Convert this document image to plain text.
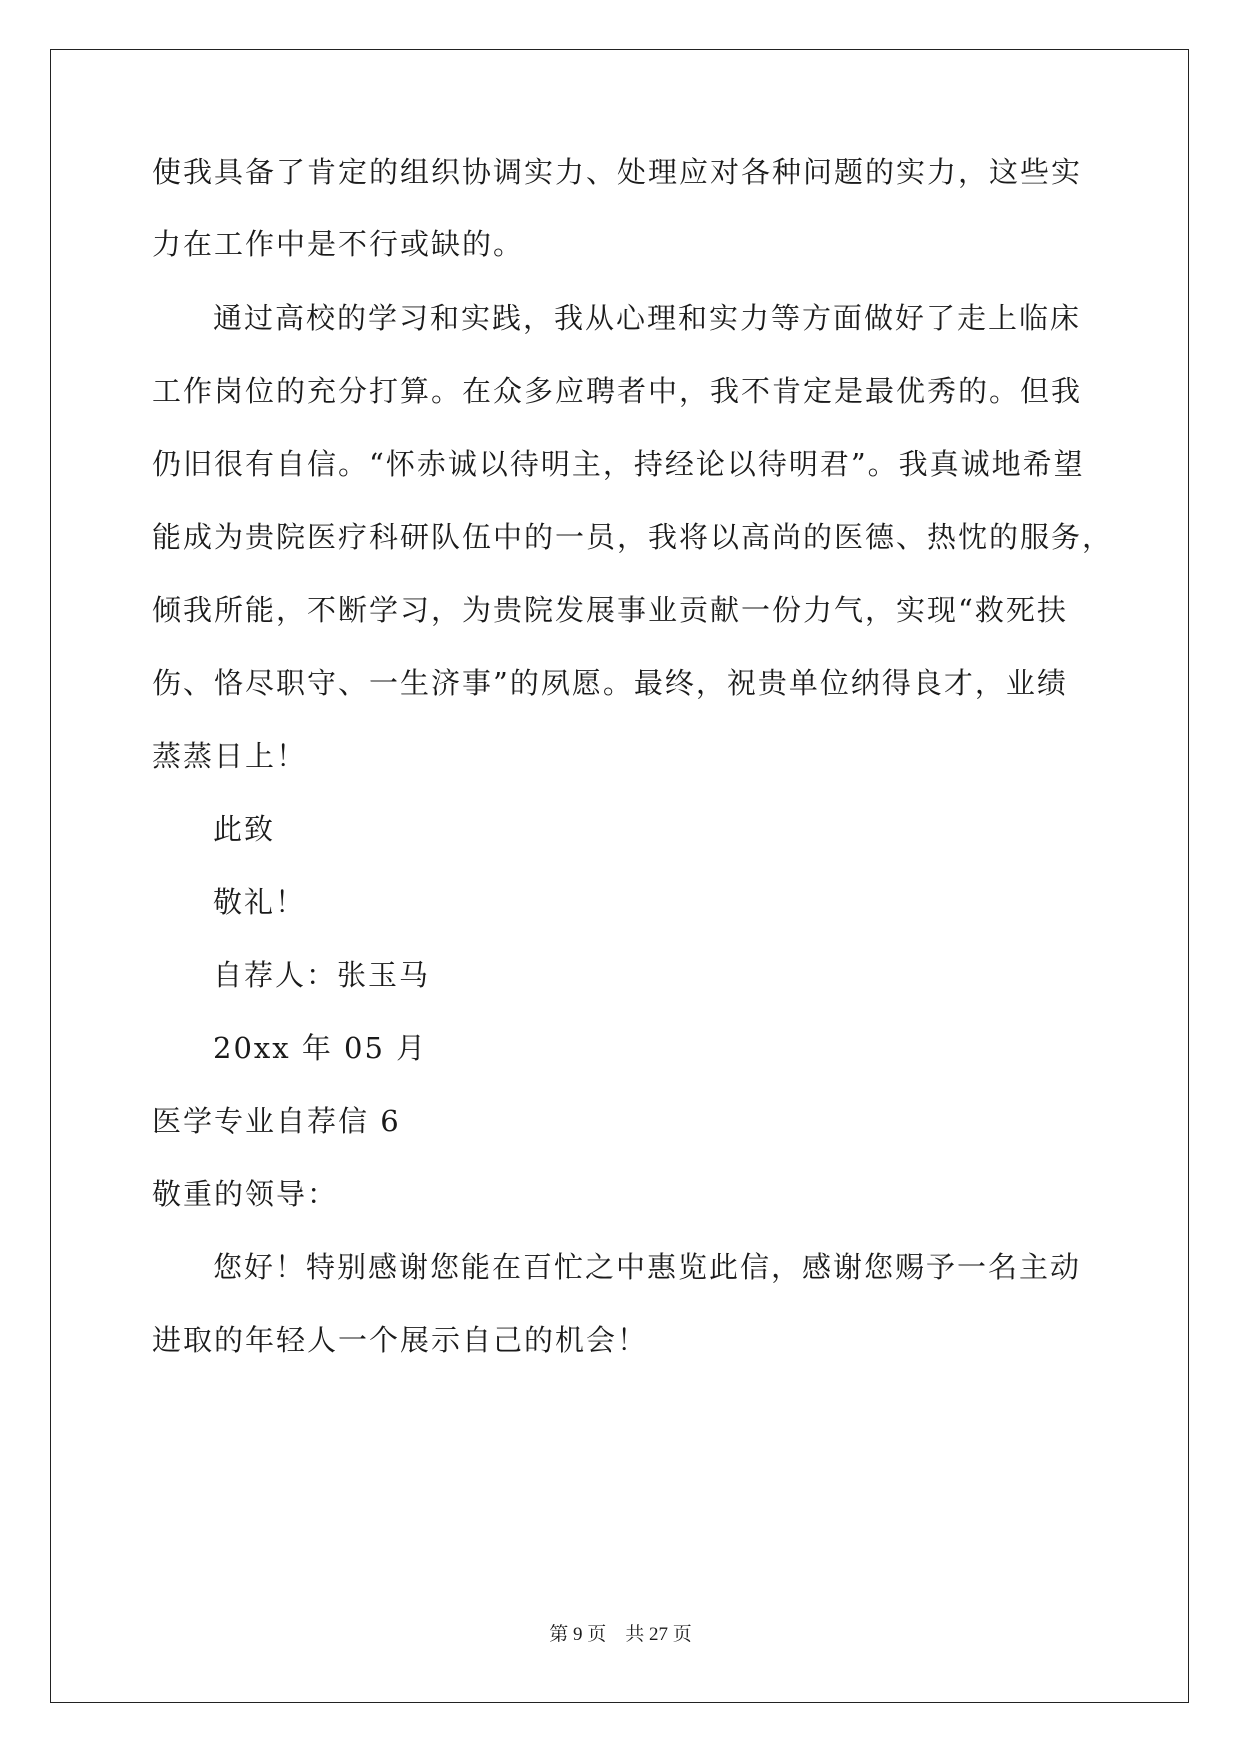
使我具备了肯定的组织协调实力、处理应对各种问题的实力，这些实
力在工作中是不行或缺的。
通过高校的学习和实践，我从心理和实力等方面做好了走上临床
工作岗位的充分打算。在众多应聘者中，我不肯定是最优秀的。但我
仍旧很有自信。“怀赤诚以待明主，持经论以待明君”。我真诚地希望
能成为贵院医疗科研队伍中的一员，我将以高尚的医德、热忱的服务，
倾我所能，不断学习，为贵院发展事业贡献一份力气，实现“救死扶
伤、恪尽职守、一生济事”的夙愿。最终，祝贵单位纳得良才，业绩
蒸蒸日上！
此致
敬礼！
自荐人：张玉马
20xx 年 05 月
医学专业自荐信 6
敬重的领导：
您好！特别感谢您能在百忙之中惠览此信，感谢您赐予一名主动
进取的年轻人一个展示自己的机会！
第 9 页    共 27 页
